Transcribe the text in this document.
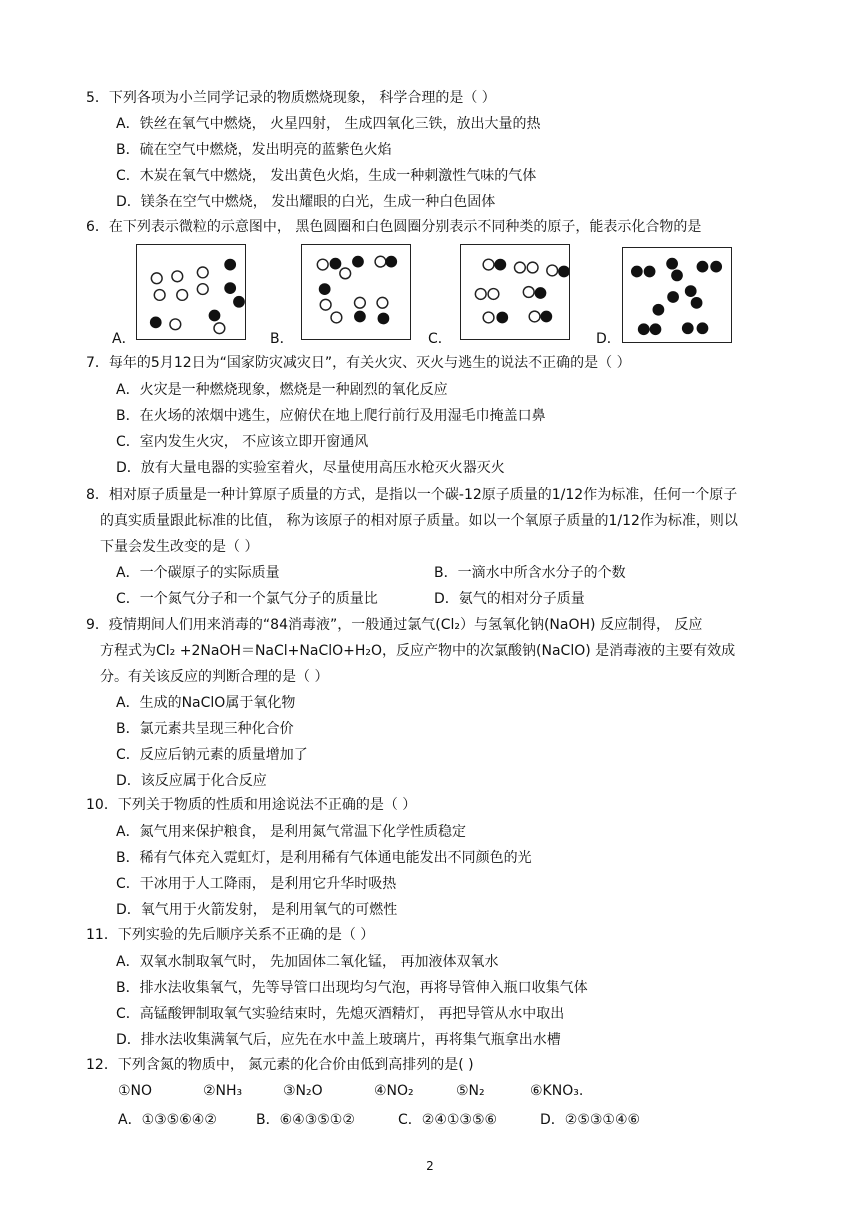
5．下列各项为小兰同学记录的物质燃烧现象， 科学合理的是（ ）
A．铁丝在氧气中燃烧， 火星四射， 生成四氧化三铁，放出大量的热
B．硫在空气中燃烧，发出明亮的蓝紫色火焰
C．木炭在氧气中燃烧， 发出黄色火焰，生成一种刺激性气味的气体
D．镁条在空气中燃烧， 发出耀眼的白光，生成一种白色固体
6．在下列表示微粒的示意图中， 黑色圆圈和白色圆圈分别表示不同种类的原子，能表示化合物的是
A．	B．	C．	D．
7．每年的5月12日为“国家防灾减灾日”，有关火灾、灭火与逃生的说法不正确的是（ ）
A．火灾是一种燃烧现象，燃烧是一种剧烈的氧化反应
B．在火场的浓烟中逃生，应俯伏在地上爬行前行及用湿毛巾掩盖口鼻
C．室内发生火灾， 不应该立即开窗通风
D．放有大量电器的实验室着火，尽量使用高压水枪灭火器灭火
8．相对原子质量是一种计算原子质量的方式，是指以一个碳-12原子质量的1/12作为标准，任何一个原子
的真实质量跟此标准的比值， 称为该原子的相对原子质量。如以一个氧原子质量的1/12作为标准，则以
下量会发生改变的是（ ）
A．一个碳原子的实际质量	B．一滴水中所含水分子的个数
C．一个氮气分子和一个氯气分子的质量比	D．氨气的相对分子质量
9．疫情期间人们用来消毒的“84消毒液”，一般通过氯气(Cl₂）与氢氧化钠(NaOH) 反应制得， 反应
方程式为Cl₂ +2NaOH＝NaCl+NaClO+H₂O，反应产物中的次氯酸钠(NaClO) 是消毒液的主要有效成
分。有关该反应的判断合理的是（ ）
A．生成的NaClO属于氧化物
B．氯元素共呈现三种化合价
C．反应后钠元素的质量增加了
D．该反应属于化合反应
10．下列关于物质的性质和用途说法不正确的是（ ）
A．氮气用来保护粮食， 是利用氮气常温下化学性质稳定
B．稀有气体充入霓虹灯，是利用稀有气体通电能发出不同颜色的光
C．干冰用于人工降雨， 是利用它升华时吸热
D．氧气用于火箭发射， 是利用氧气的可燃性
11．下列实验的先后顺序关系不正确的是（ ）
A．双氧水制取氧气时， 先加固体二氧化锰， 再加液体双氧水
B．排水法收集氧气，先等导管口出现均匀气泡，再将导管伸入瓶口收集气体
C．高锰酸钾制取氧气实验结束时，先熄灭酒精灯， 再把导管从水中取出
D．排水法收集满氧气后，应先在水中盖上玻璃片，再将集气瓶拿出水槽
12．下列含氮的物质中， 氮元素的化合价由低到高排列的是( )
①NO	②NH₃	③N₂O	④NO₂	⑤N₂	⑥KNO₃.
A．①③⑤⑥④②	B．⑥④③⑤①②	C．②④①③⑤⑥	D．②⑤③①④⑥
2
